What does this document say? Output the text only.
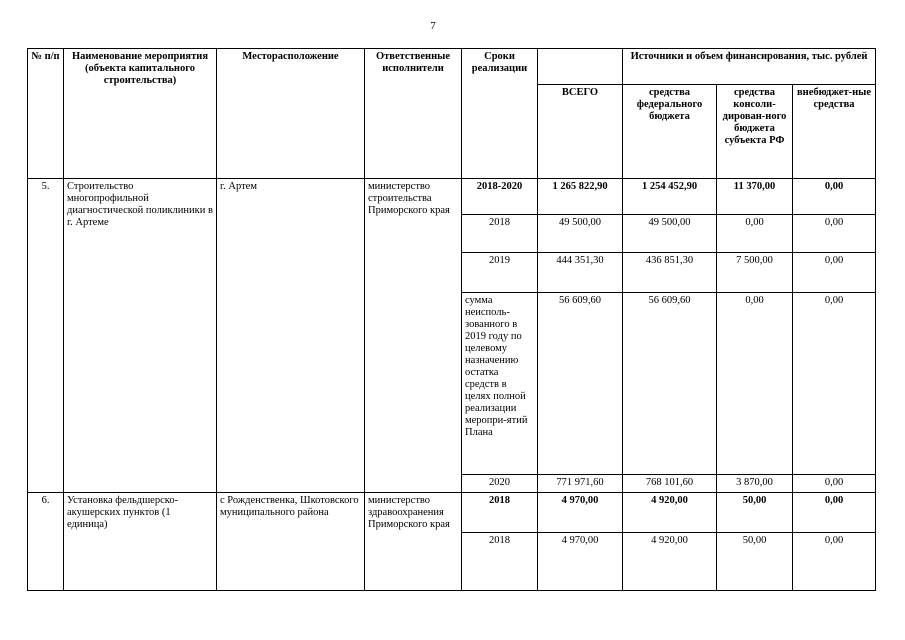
7
№ п/п	Наименование мероприятия (объекта капитального строительства)	Месторасположение	Ответственные исполнители	Сроки реализации		Источники и объем финансирования, тыс. рублей		
					ВСЕГО	средства федерального бюджета	средства консоли-дирован-ного бюджета субъекта РФ	внебюджет-ные средства
5.	Строительство многопрофильной диагностической поликлиники в г. Артеме	г. Артем	министерство строительства Приморского края	2018-2020	1 265 822,90	1 254 452,90	11 370,00	0,00
				2018	49 500,00	49 500,00	0,00	0,00
				2019	444 351,30	436 851,30	7 500,00	0,00
				сумма неисполь-зованного в 2019 году по целевому назначению остатка средств в целях полной реализации меропри-ятий Плана	56 609,60	56 609,60	0,00	0,00
				2020	771 971,60	768 101,60	3 870,00	0,00
6.	Установка фельдшерско-акушерских пунктов (1 единица)	с Рожденственка, Шкотовского муниципального района	министерство здравоохранения Приморского края	2018	4 970,00	4 920,00	50,00	0,00
				2018	4 970,00	4 920,00	50,00	0,00
